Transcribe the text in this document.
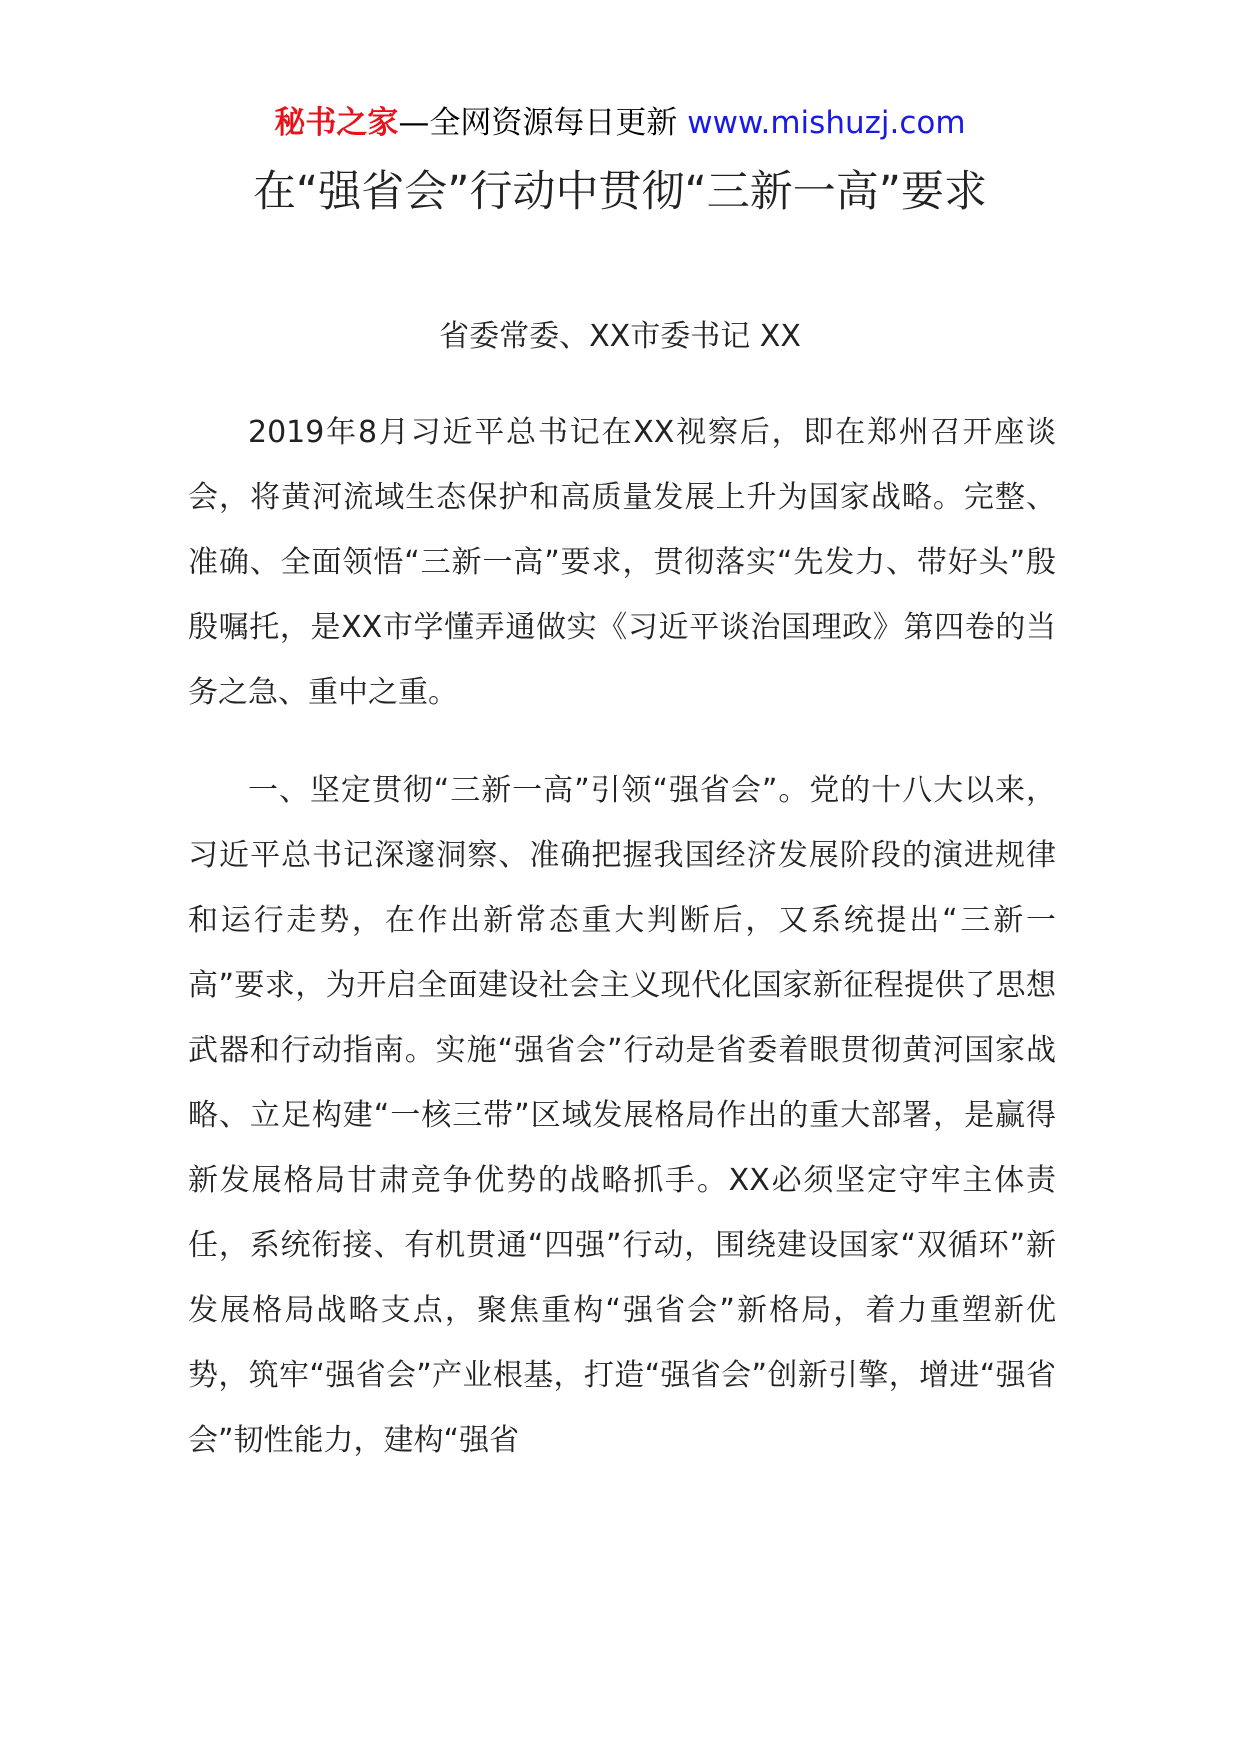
秘书之家—全网资源每日更新 www.mishuzj.com
在“强省会”行动中贯彻“三新一高”要求
省委常委、XX市委书记 XX

2019年8月习近平总书记在XX视察后，即在郑州召开座谈会，将黄河流域生态保护和高质量发展上升为国家战略。完整、准确、全面领悟“三新一高”要求，贯彻落实“先发力、带好头”殷殷嘱托，是XX市学懂弄通做实《习近平谈治国理政》第四卷的当务之急、重中之重。

一、坚定贯彻“三新一高”引领“强省会”。党的十八大以来，习近平总书记深邃洞察、准确把握我国经济发展阶段的演进规律和运行走势，在作出新常态重大判断后，又系统提出“三新一高”要求，为开启全面建设社会主义现代化国家新征程提供了思想武器和行动指南。实施“强省会”行动是省委着眼贯彻黄河国家战略、立足构建“一核三带”区域发展格局作出的重大部署，是赢得新发展格局甘肃竞争优势的战略抓手。XX必须坚定守牢主体责任，系统衔接、有机贯通“四强”行动，围绕建设国家“双循环”新发展格局战略支点，聚焦重构“强省会”新格局，着力重塑新优势，筑牢“强省会”产业根基，打造“强省会”创新引擎，增进“强省会”韧性能力，建构“强省
